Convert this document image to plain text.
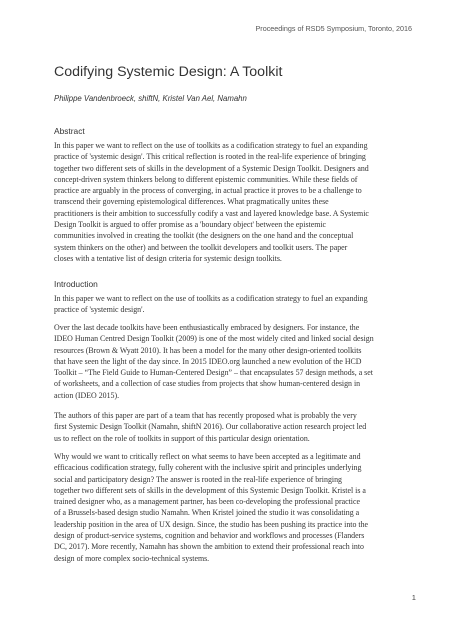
Proceedings of RSD5 Symposium, Toronto, 2016
Codifying Systemic Design: A Toolkit
Philippe Vandenbroeck, shiftN, Kristel Van Ael, Namahn
Abstract

In this paper we want to reflect on the use of toolkits as a codification strategy to fuel an expanding
practice of 'systemic design'. This critical reflection is rooted in the real-life experience of bringing
together two different sets of skills in the development of a Systemic Design Toolkit. Designers and
concept-driven system thinkers belong to different epistemic communities. While these fields of
practice are arguably in the process of converging, in actual practice it proves to be a challenge to
transcend their governing epistemological differences. What pragmatically unites these
practitioners is their ambition to successfully codify a vast and layered knowledge base. A Systemic
Design Toolkit is argued to offer promise as a 'boundary object' between the epistemic
communities involved in creating the toolkit (the designers on the one hand and the conceptual
system thinkers on the other) and between the toolkit developers and toolkit users. The paper
closes with a tentative list of design criteria for systemic design toolkits.

Introduction

In this paper we want to reflect on the use of toolkits as a codification strategy to fuel an expanding
practice of 'systemic design'.

Over the last decade toolkits have been enthusiastically embraced by designers. For instance, the
IDEO Human Centred Design Toolkit (2009) is one of the most widely cited and linked social design
resources (Brown & Wyatt 2010). It has been a model for the many other design-oriented toolkits
that have seen the light of the day since. In 2015 IDEO.org launched a new evolution of the HCD
Toolkit – “The Field Guide to Human-Centered Design” – that encapsulates 57 design methods, a set
of worksheets, and a collection of case studies from projects that show human-centered design in
action (IDEO 2015).

The authors of this paper are part of a team that has recently proposed what is probably the very
first Systemic Design Toolkit (Namahn, shiftN 2016). Our collaborative action research project led
us to reflect on the role of toolkits in support of this particular design orientation.

Why would we want to critically reflect on what seems to have been accepted as a legitimate and
efficacious codification strategy, fully coherent with the inclusive spirit and principles underlying
social and participatory design? The answer is rooted in the real-life experience of bringing
together two different sets of skills in the development of this Systemic Design Toolkit. Kristel is a
trained designer who, as a management partner, has been co-developing the professional practice
of a Brussels-based design studio Namahn. When Kristel joined the studio it was consolidating a
leadership position in the area of UX design. Since, the studio has been pushing its practice into the
design of product-service systems, cognition and behavior and workflows and processes (Flanders
DC, 2017). More recently, Namahn has shown the ambition to extend their professional reach into
design of more complex socio-technical systems.

1
